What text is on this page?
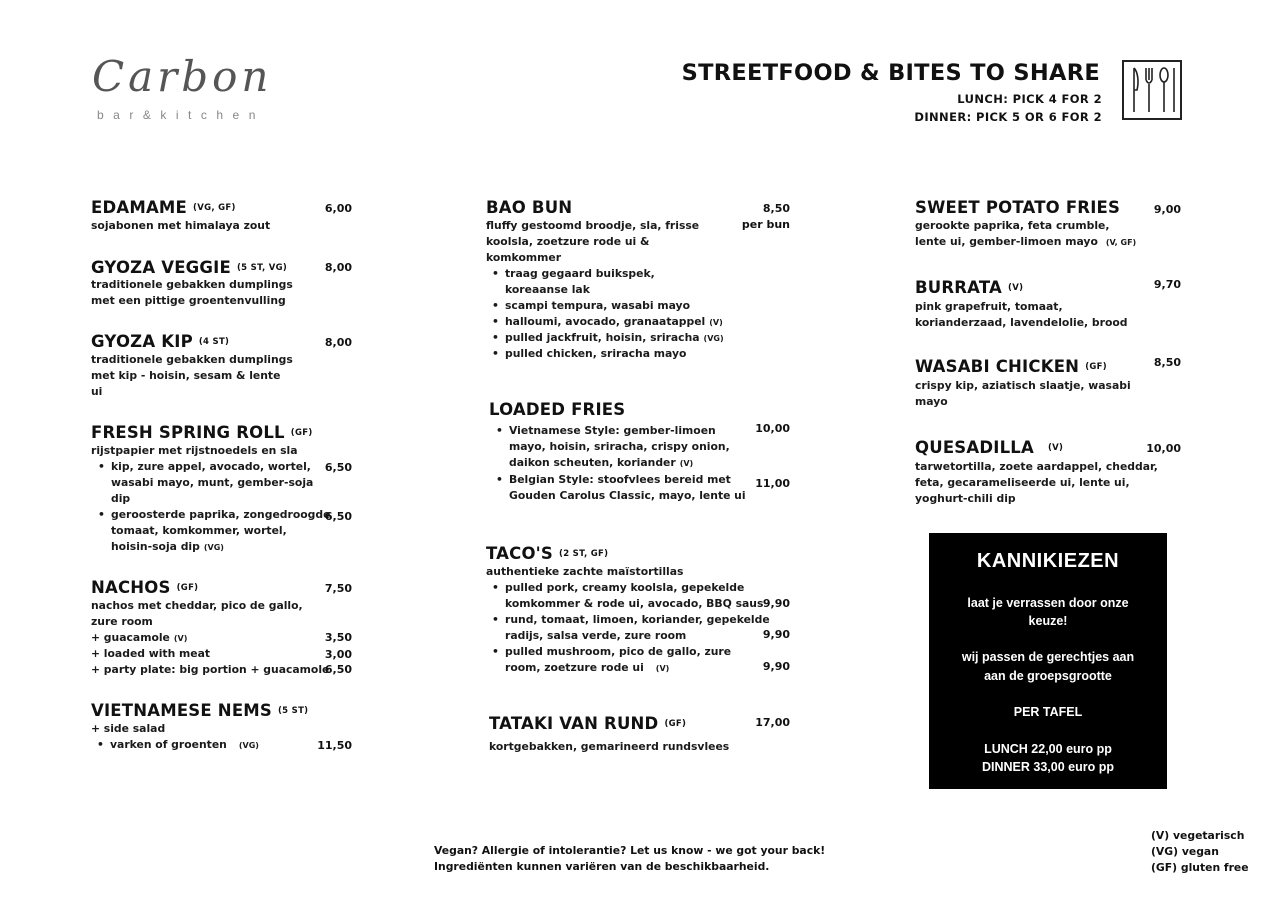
Carbon
bar&kitchen
STREETFOOD & BITES TO SHARE
LUNCH: PICK 4 FOR 2
DINNER: PICK 5 OR 6 FOR 2
EDAMAME (VG, GF)	6,00
sojabonen met himalaya zout
GYOZA VEGGIE (5 ST, VG)	8,00
traditionele gebakken dumplings
met een pittige groentenvulling
GYOZA KIP (4 ST)	8,00
traditionele gebakken dumplings
met kip - hoisin, sesam & lente
ui
FRESH SPRING ROLL (GF)
rijstpapier met rijstnoedels en sla
• kip, zure appel, avocado, wortel,
wasabi mayo, munt, gember-soja
dip
6,50
• geroosterde paprika, zongedroogde
tomaat, komkommer, wortel,
hoisin-soja dip (VG)
6,50
NACHOS (GF)	7,50
nachos met cheddar, pico de gallo,
zure room
+ guacamole (V)	3,50
+ loaded with meat	3,00
+ party plate: big portion + guacamole
6,50
VIETNAMESE NEMS (5 ST)
+ side salad
• varken of groenten (VG)	11,50
BAO BUN	8,50
per bun
fluffy gestoomd broodje, sla, frisse
koolsla, zoetzure rode ui &
komkommer
• traag gegaard buikspek,
koreaanse lak
• scampi tempura, wasabi mayo
• halloumi, avocado, granaatappel (V)
• pulled jackfruit, hoisin, sriracha (VG)
• pulled chicken, sriracha mayo
LOADED FRIES
• Vietnamese Style: gember-limoen
mayo, hoisin, sriracha, crispy onion,
daikon scheuten, koriander (V)
10,00
• Belgian Style: stoofvlees bereid met
Gouden Carolus Classic, mayo, lente ui
11,00
TACO'S (2 ST, GF)
authentieke zachte maïstortillas
• pulled pork, creamy koolsla, gepekelde
komkommer & rode ui, avocado, BBQ saus 9,90
• rund, tomaat, limoen, koriander, gepekelde
radijs, salsa verde, zure room	9,90
• pulled mushroom, pico de gallo, zure
room, zoetzure rode ui (V)	9,90
TATAKI VAN RUND (GF)	17,00
kortgebakken, gemarineerd rundsvlees
SWEET POTATO FRIES	9,00
gerookte paprika, feta crumble,
lente ui, gember-limoen mayo (V, GF)
BURRATA (V)	9,70
pink grapefruit, tomaat,
korianderzaad, lavendelolie, brood
WASABI CHICKEN (GF)	8,50
crispy kip, aziatisch slaatje, wasabi
mayo
QUESADILLA (V)	10,00
tarwetortilla, zoete aardappel, cheddar,
feta, gecarameliseerde ui, lente ui,
yoghurt-chili dip
KANNIKIEZEN
laat je verrassen door onze
keuze!
wij passen de gerechtjes aan
aan de groepsgrootte
PER TAFEL
LUNCH 22,00 euro pp
DINNER 33,00 euro pp
Vegan? Allergie of intolerantie? Let us know - we got your back!
Ingrediënten kunnen variëren van de beschikbaarheid.
(V) vegetarisch
(VG) vegan
(GF) gluten free
